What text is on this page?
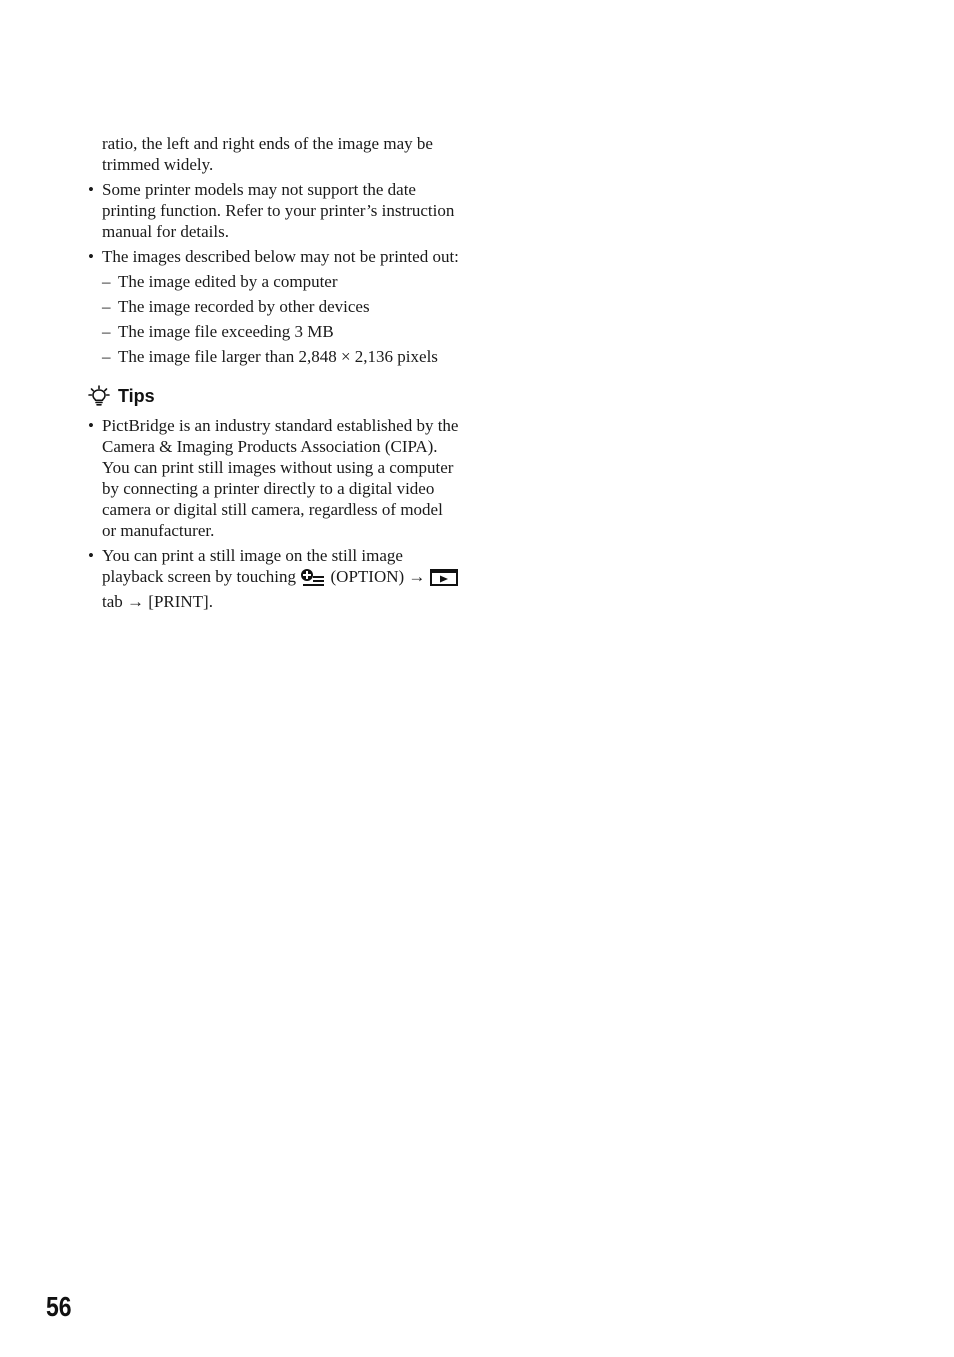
ratio, the left and right ends of the image may be trimmed widely.

• Some printer models may not support the date printing function. Refer to your printer’s instruction manual for details.
• The images described below may not be printed out:
– The image edited by a computer
– The image recorded by other devices
– The image file exceeding 3 MB
– The image file larger than 2,848 × 2,136 pixels
Tips
• PictBridge is an industry standard established by the Camera & Imaging Products Association (CIPA). You can print still images without using a computer by connecting a printer directly to a digital video camera or digital still camera, regardless of model or manufacturer.
• You can print a still image on the still image playback screen by touching (OPTION) →  tab → [PRINT].
56
